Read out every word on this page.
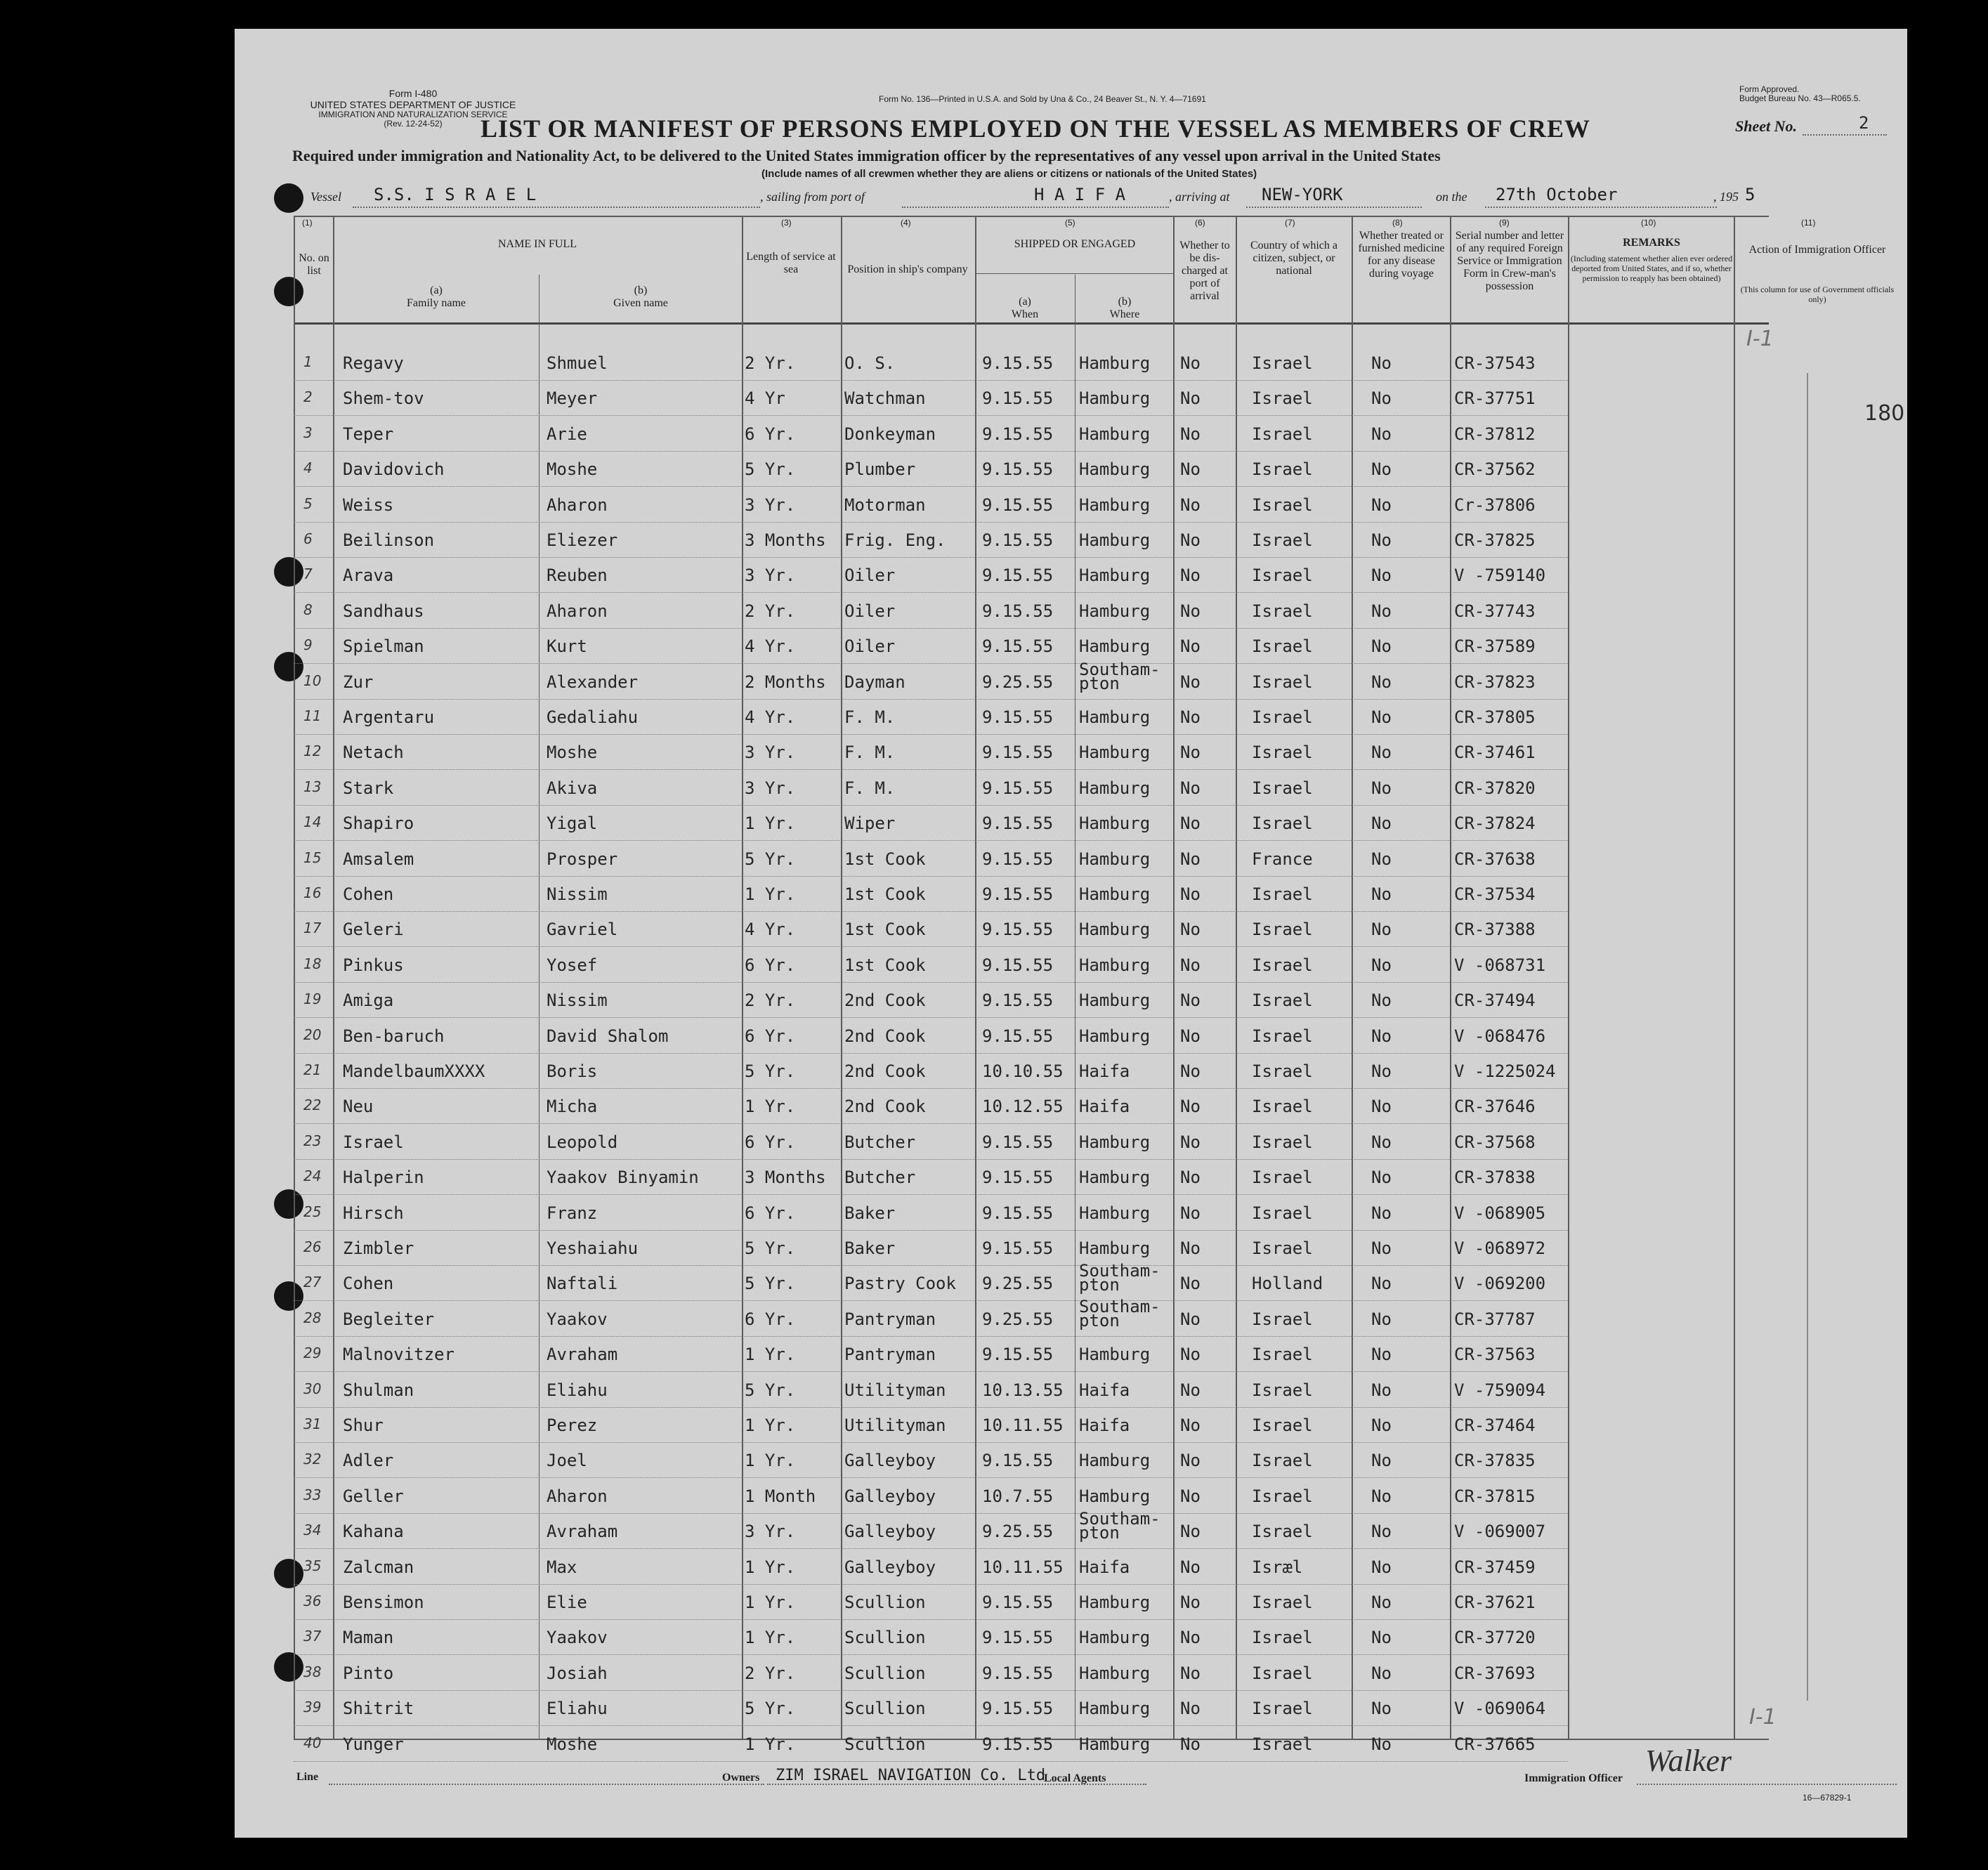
Form I-480
UNITED STATES DEPARTMENT OF JUSTICE
IMMIGRATION AND NATURALIZATION SERVICE
(Rev. 12-24-52)
Form No. 136—Printed in U.S.A. and Sold by Una & Co., 24 Beaver St., N. Y. 4—71691
Form Approved.
Budget Bureau No. 43—R065.5.
LIST OR MANIFEST OF PERSONS EMPLOYED ON THE VESSEL AS MEMBERS OF CREW	Sheet No.	2
Required under immigration and Nationality Act, to be delivered to the United States immigration officer by the representatives of any vessel upon arrival in the United States
(Include names of all crewmen whether they are aliens or citizens or nationals of the United States)
Vessel S.S. I S R A E L	, sailing from port of	H A I F A	, arriving at NEW-YORK	on the 27th October	, 195 5
(1)	(3)	(4)	(5)	(6)	(7)	(8)	(9)	(10)	(11)
No. on list
NAME IN FULL
(a)
Family name
(b)
Given name
Length of service at sea	Position in ship's company
SHIPPED OR ENGAGED
(a)
When
(b)
Where
Whether to be dis-charged at port of arrival
Country of which a citizen, subject, or national
Whether treated or furnished medicine for any disease during voyage
Serial number and letter of any required Foreign Service or Immigration Form in Crew-man's possession
REMARKS
(Including statement whether alien ever ordered deported from United States, and if so, whether permission to reapply has been obtained)
Action of Immigration Officer
(This column for use of Government officials only)
1 Regavy	Shmuel	2 Yr.	O. S.	9.15.55 Hamburg No	Israel	No	CR-37543
2 Shem-tov	Meyer	4 Yr	Watchman	9.15.55 Hamburg No	Israel	No	CR-37751
3 Teper	Arie	6 Yr.	Donkeyman	9.15.55 Hamburg No	Israel	No	CR-37812
4 Davidovich	Moshe	5 Yr.	Plumber	9.15.55 Hamburg No	Israel	No	CR-37562
5 Weiss	Aharon	3 Yr.	Motorman	9.15.55 Hamburg No	Israel	No	Cr-37806
6 Beilinson	Eliezer	3 Months Frig. Eng. 9.15.55 Hamburg No	Israel	No	CR-37825
7 Arava	Reuben	3 Yr.	Oiler	9.15.55 Hamburg No	Israel	No	V -759140
8 Sandhaus	Aharon	2 Yr.	Oiler	9.15.55 Hamburg No	Israel	No	CR-37743
9 Spielman	Kurt	4 Yr.	Oiler	9.15.55 Hamburg No	Israel	No	CR-37589
10 Zur	Alexander	2 Months Dayman	9.25.55
Southam-
pton	No	Israel	No	CR-37823
11 Argentaru	Gedaliahu	4 Yr.	F. M.	9.15.55 Hamburg No	Israel	No	CR-37805
12 Netach	Moshe	3 Yr.	F. M.	9.15.55 Hamburg No	Israel	No	CR-37461
13 Stark	Akiva	3 Yr.	F. M.	9.15.55 Hamburg No	Israel	No	CR-37820
14 Shapiro	Yigal	1 Yr.	Wiper	9.15.55 Hamburg No	Israel	No	CR-37824
15 Amsalem	Prosper	5 Yr.	1st Cook	9.15.55 Hamburg No	France	No	CR-37638
16 Cohen	Nissim	1 Yr.	1st Cook	9.15.55 Hamburg No	Israel	No	CR-37534
17 Geleri	Gavriel	4 Yr.	1st Cook	9.15.55 Hamburg No	Israel	No	CR-37388
18 Pinkus	Yosef	6 Yr.	1st Cook	9.15.55 Hamburg No	Israel	No	V -068731
19 Amiga	Nissim	2 Yr.	2nd Cook	9.15.55 Hamburg No	Israel	No	CR-37494
20 Ben-baruch	David Shalom	6 Yr.	2nd Cook	9.15.55 Hamburg No	Israel	No	V -068476
21 MandelbaumXXXX	Boris	5 Yr.	2nd Cook	10.10.55 Haifa	No	Israel	No	V -1225024
22 Neu	Micha	1 Yr.	2nd Cook	10.12.55 Haifa	No	Israel	No	CR-37646
23 Israel	Leopold	6 Yr.	Butcher	9.15.55 Hamburg No	Israel	No	CR-37568
24 Halperin	Yaakov Binyamin	3 Months Butcher	9.15.55 Hamburg No	Israel	No	CR-37838
25 Hirsch	Franz	6 Yr.	Baker	9.15.55 Hamburg No	Israel	No	V -068905
26 Zimbler	Yeshaiahu	5 Yr.	Baker	9.15.55 Hamburg No	Israel	No	V -068972
27 Cohen	Naftali	5 Yr.	Pastry Cook 9.25.55
Southam-
pton	No	Holland	No	V -069200
28 Begleiter	Yaakov	6 Yr.	Pantryman	9.25.55
Southam-
pton	No	Israel	No	CR-37787
29 Malnovitzer	Avraham	1 Yr.	Pantryman	9.15.55 Hamburg No	Israel	No	CR-37563
30 Shulman	Eliahu	5 Yr.	Utilityman 10.13.55 Haifa	No	Israel	No	V -759094
31 Shur	Perez	1 Yr.	Utilityman 10.11.55 Haifa	No	Israel	No	CR-37464
32 Adler	Joel	1 Yr.	Galleyboy	9.15.55 Hamburg No	Israel	No	CR-37835
33 Geller	Aharon	1 Month Galleyboy	10.7.55 Hamburg No	Israel	No	CR-37815
34 Kahana	Avraham	3 Yr.	Galleyboy	9.25.55
Southam-
pton	No	Israel	No	V -069007
35 Zalcman	Max	1 Yr.	Galleyboy	10.11.55 Haifa	No	Isræl	No	CR-37459
36 Bensimon	Elie	1 Yr.	Scullion	9.15.55 Hamburg No	Israel	No	CR-37621
37 Maman	Yaakov	1 Yr.	Scullion	9.15.55 Hamburg No	Israel	No	CR-37720
38 Pinto	Josiah	2 Yr.	Scullion	9.15.55 Hamburg No	Israel	No	CR-37693
39 Shitrit	Eliahu	5 Yr.	Scullion	9.15.55 Hamburg No	Israel	No	V -069064
40 Yunger	Moshe	1 Yr.	Scullion	9.15.55 Hamburg No	Israel	No	CR-37665
I-1
180
I-1
Line	Owners ZIM ISRAEL NAVIGATION Co. Ltd
Local Agents	Immigration Officer
Walker
16—67829-1
